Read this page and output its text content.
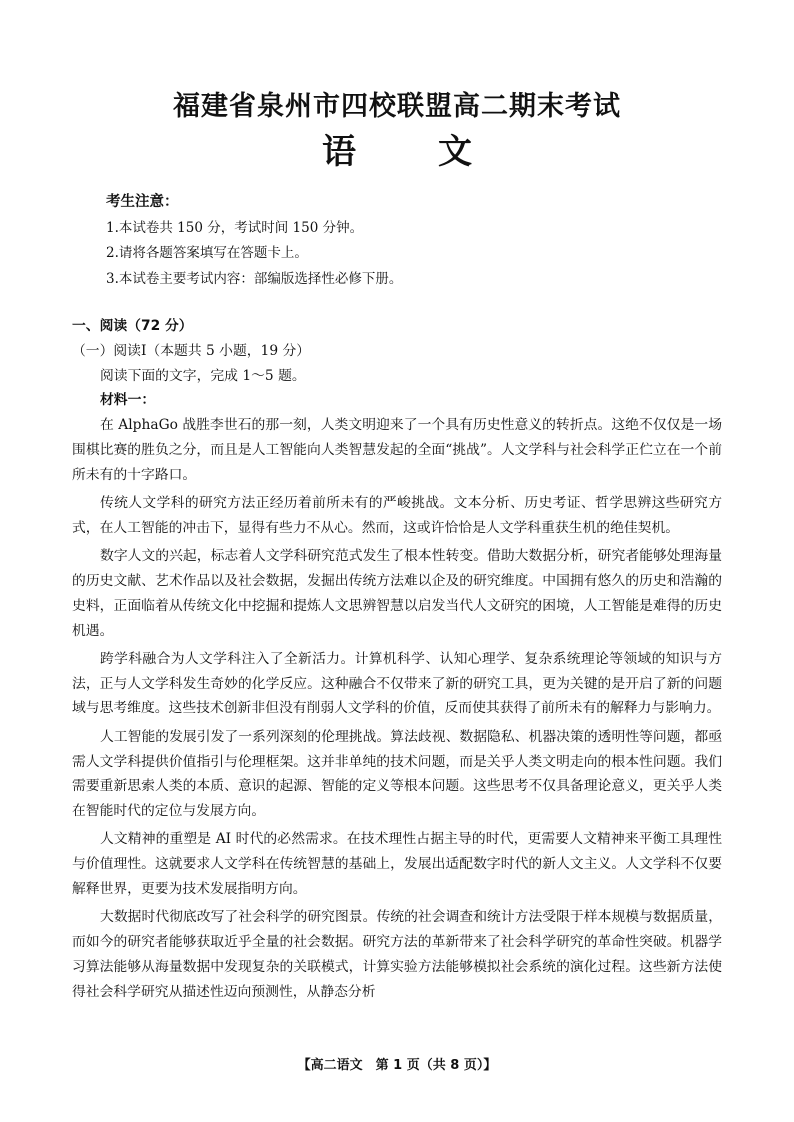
福建省泉州市四校联盟高二期末考试
语 文
考生注意：
1.本试卷共 150 分，考试时间 150 分钟。
2.请将各题答案填写在答题卡上。
3.本试卷主要考试内容：部编版选择性必修下册。
一、阅读（72 分）
（一）阅读Ⅰ（本题共 5 小题，19 分）
阅读下面的文字，完成 1～5 题。
材料一：

在 AlphaGo 战胜李世石的那一刻，人类文明迎来了一个具有历史性意义的转折点。这绝不仅仅是一场围棋比赛的胜负之分，而且是人工智能向人类智慧发起的全面“挑战”。人文学科与社会科学正伫立在一个前所未有的十字路口。

传统人文学科的研究方法正经历着前所未有的严峻挑战。文本分析、历史考证、哲学思辨这些研究方式，在人工智能的冲击下，显得有些力不从心。然而，这或许恰恰是人文学科重获生机的绝佳契机。

数字人文的兴起，标志着人文学科研究范式发生了根本性转变。借助大数据分析，研究者能够处理海量的历史文献、艺术作品以及社会数据，发掘出传统方法难以企及的研究维度。中国拥有悠久的历史和浩瀚的史料，正面临着从传统文化中挖掘和提炼人文思辨智慧以启发当代人文研究的困境，人工智能是难得的历史机遇。

跨学科融合为人文学科注入了全新活力。计算机科学、认知心理学、复杂系统理论等领域的知识与方法，正与人文学科发生奇妙的化学反应。这种融合不仅带来了新的研究工具，更为关键的是开启了新的问题域与思考维度。这些技术创新非但没有削弱人文学科的价值，反而使其获得了前所未有的解释力与影响力。

人工智能的发展引发了一系列深刻的伦理挑战。算法歧视、数据隐私、机器决策的透明性等问题，都亟需人文学科提供价值指引与伦理框架。这并非单纯的技术问题，而是关乎人类文明走向的根本性问题。我们需要重新思索人类的本质、意识的起源、智能的定义等根本问题。这些思考不仅具备理论意义，更关乎人类在智能时代的定位与发展方向。

人文精神的重塑是 AI 时代的必然需求。在技术理性占据主导的时代，更需要人文精神来平衡工具理性与价值理性。这就要求人文学科在传统智慧的基础上，发展出适配数字时代的新人文主义。人文学科不仅要解释世界，更要为技术发展指明方向。

大数据时代彻底改写了社会科学的研究图景。传统的社会调查和统计方法受限于样本规模与数据质量，而如今的研究者能够获取近乎全量的社会数据。研究方法的革新带来了社会科学研究的革命性突破。机器学习算法能够从海量数据中发现复杂的关联模式，计算实验方法能够模拟社会系统的演化过程。这些新方法使得社会科学研究从描述性迈向预测性，从静态分析

【高二语文　第 1 页（共 8 页）】
